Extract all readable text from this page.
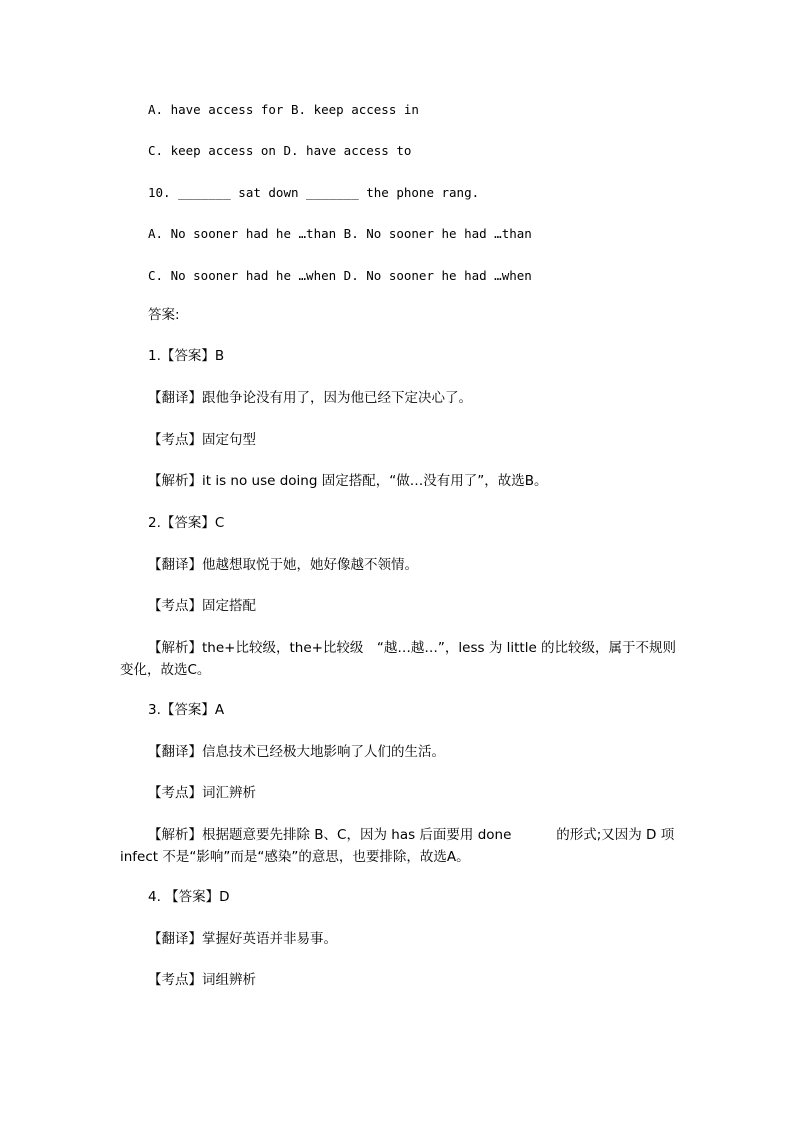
A. have access for B. keep access in
C. keep access on D. have access to
10. _______ sat down _______ the phone rang.
A. No sooner had he …than B. No sooner he had …than
C. No sooner had he …when D. No sooner he had …when
答案:
1.【答案】B
【翻译】跟他争论没有用了，因为他已经下定决心了。
【考点】固定句型
【解析】it is no use doing 固定搭配，“做…没有用了”，故选B。
2.【答案】C
【翻译】他越想取悦于她，她好像越不领情。
【考点】固定搭配
【解析】the+比较级，the+比较级　“越…越…”，less 为 little 的比较级，属于不规则 变化，故选C。
3.【答案】A
【翻译】信息技术已经极大地影响了人们的生活。
【考点】词汇辨析
【解析】根据题意要先排除 B、C，因为 has 后面要用 done　　　 的形式;又因为 D 项 infect 不是“影响”而是“感染”的意思，也要排除，故选A。
4. 【答案】D
【翻译】掌握好英语并非易事。
【考点】词组辨析
